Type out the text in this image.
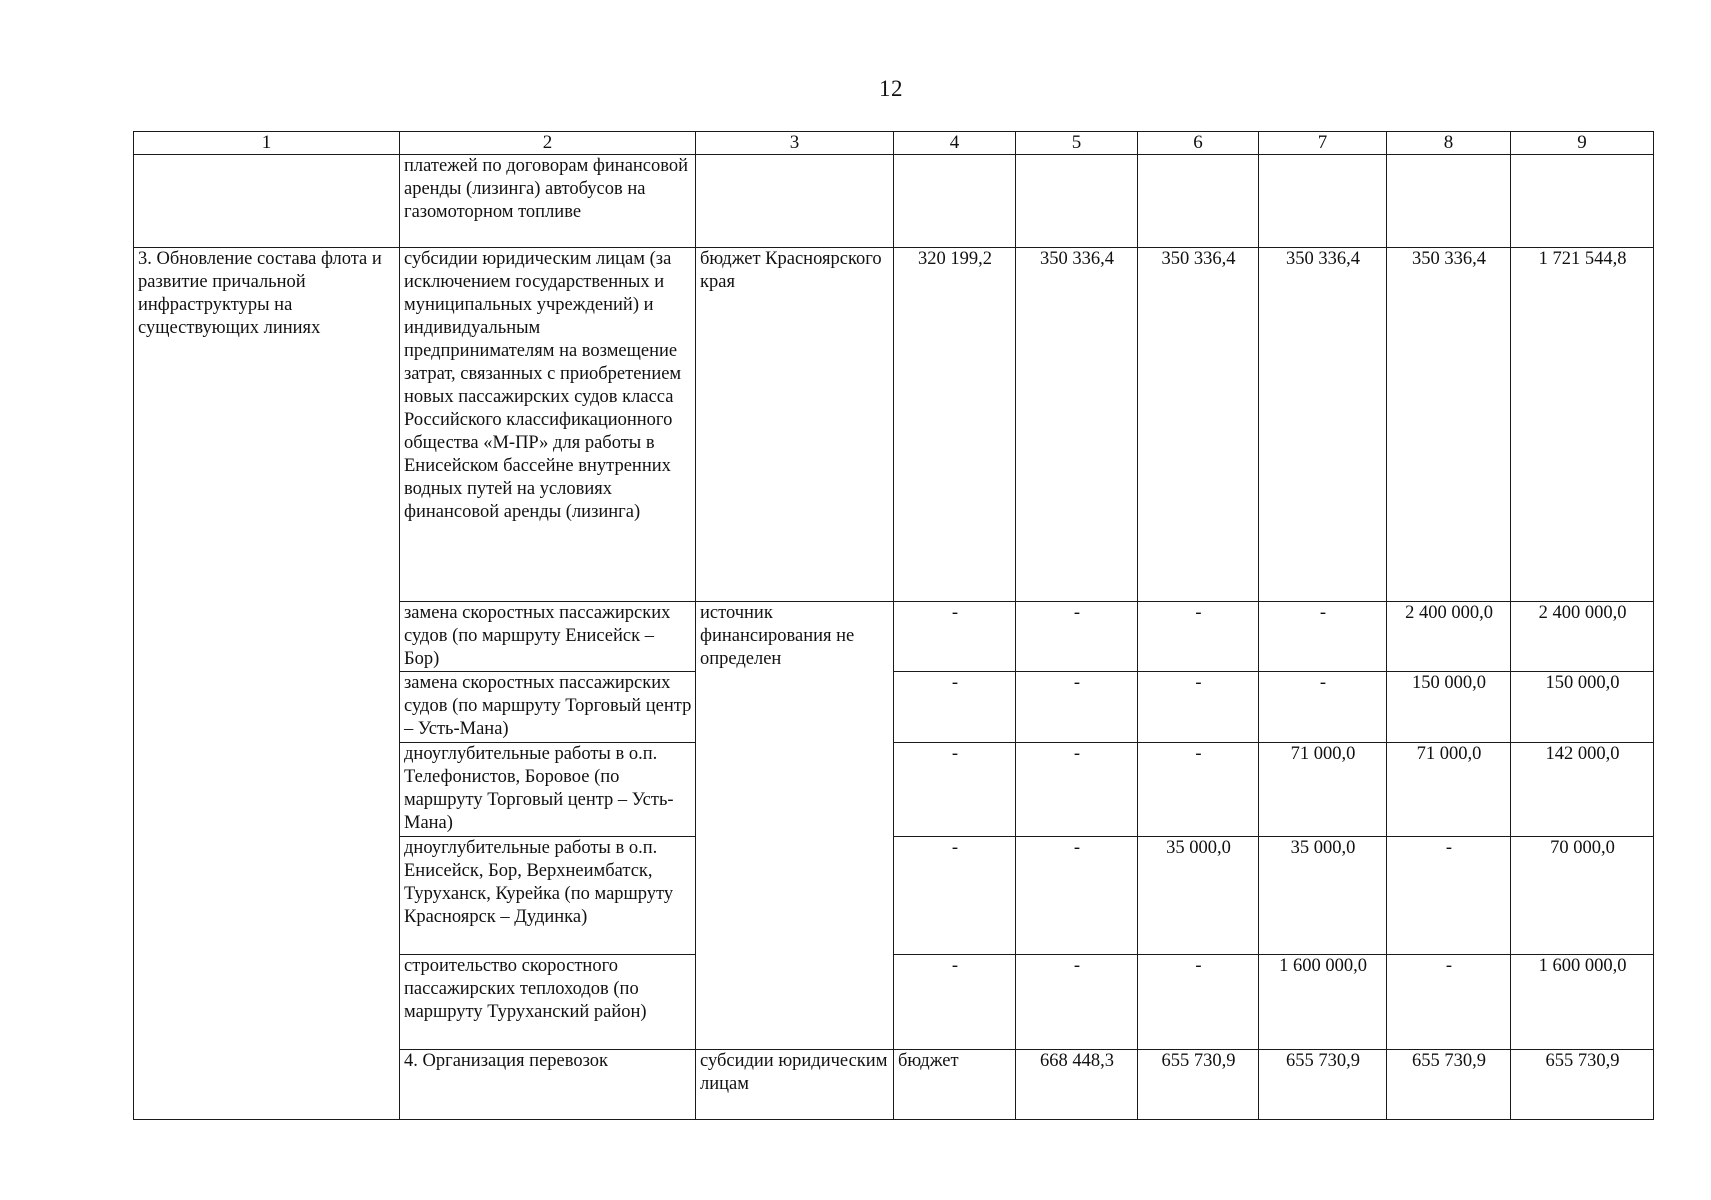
12
1	2	3	4	5	6	7	8	9	
	платежей по договорам финансовой аренды (лизинга) автобусов на газомоторном топливе								
3. Обновление состава флота и развитие причальной инфраструктуры на существующих линиях	субсидии юридическим лицам (за исключением государственных и муниципальных учреждений) и индивидуальным предпринимателям на возмещение затрат, связанных с приобретением новых пассажирских судов класса Российского классификационного общества «М-ПР» для работы в Енисейском бассейне внутренних водных путей на условиях финансовой аренды (лизинга)	бюджет Красноярского края	320 199,2	350 336,4	350 336,4	350 336,4	350 336,4	1 721 544,8	
	замена скоростных пассажирских судов (по маршруту Енисейск – Бор)	источник финансирования не определен	-	-	-	-	2 400 000,0	2 400 000,0	
	замена скоростных пассажирских судов (по маршруту Торговый центр – Усть-Мана)		-	-	-	-	150 000,0	150 000,0	
	дноуглубительные работы в о.п. Телефонистов, Боровое (по маршруту Торговый центр – Усть-Мана)		-	-	-	71 000,0	71 000,0	142 000,0	
	дноуглубительные работы в о.п. Енисейск, Бор, Верхнеимбатск, Туруханск, Курейка (по маршруту Красноярск – Дудинка)		-	-	35 000,0	35 000,0	-	70 000,0	
	строительство скоростного пассажирских теплоходов (по маршруту Туруханский район)		-	-	-	1 600 000,0	-	1 600 000,0	
	4. Организация перевозок	субсидии юридическим лицам	бюджет	668 448,3	655 730,9	655 730,9	655 730,9	655 730,9	
